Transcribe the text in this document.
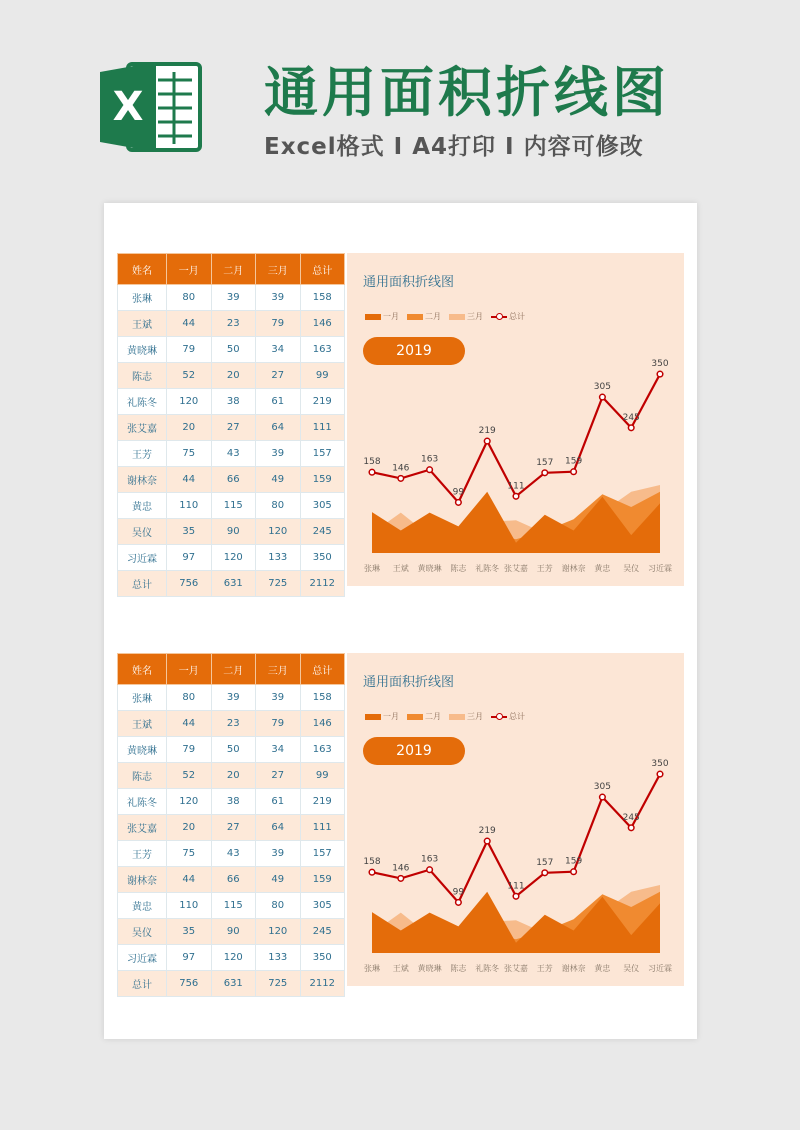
X 通用面积折线图
Excel格式 Ⅰ A4打印 Ⅰ 内容可修改
姓名	一月	二月	三月	总计
张琳	80	39	39	158
王斌	44	23	79	146
黄晓琳	79	50	34	163
陈志	52	20	27	99
礼陈冬	120	38	61	219
张艾嘉	20	27	64	111
王芳	75	43	39	157
谢林奈	44	66	49	159
黄忠	110	115	80	305
吴仪	35	90	120	245
习近霖	97	120	133	350
总计	756	631	725	2112
通用面积折线图
一月	二月	三月	总计
2019
158
146
163
99
219
111
157 159
305
245
350
张琳 王斌 黄晓琳 陈志 礼陈冬 张艾嘉 王芳 谢林奈 黄忠 吴仪 习近霖
姓名	一月	二月	三月	总计
张琳	80	39	39	158
王斌	44	23	79	146
黄晓琳	79	50	34	163
陈志	52	20	27	99
礼陈冬	120	38	61	219
张艾嘉	20	27	64	111
王芳	75	43	39	157
谢林奈	44	66	49	159
黄忠	110	115	80	305
吴仪	35	90	120	245
习近霖	97	120	133	350
总计	756	631	725	2112
通用面积折线图
一月	二月	三月	总计
2019
158
146
163
99
219
111
157 159
305
245
350
张琳 王斌 黄晓琳 陈志 礼陈冬 张艾嘉 王芳 谢林奈 黄忠 吴仪 习近霖
